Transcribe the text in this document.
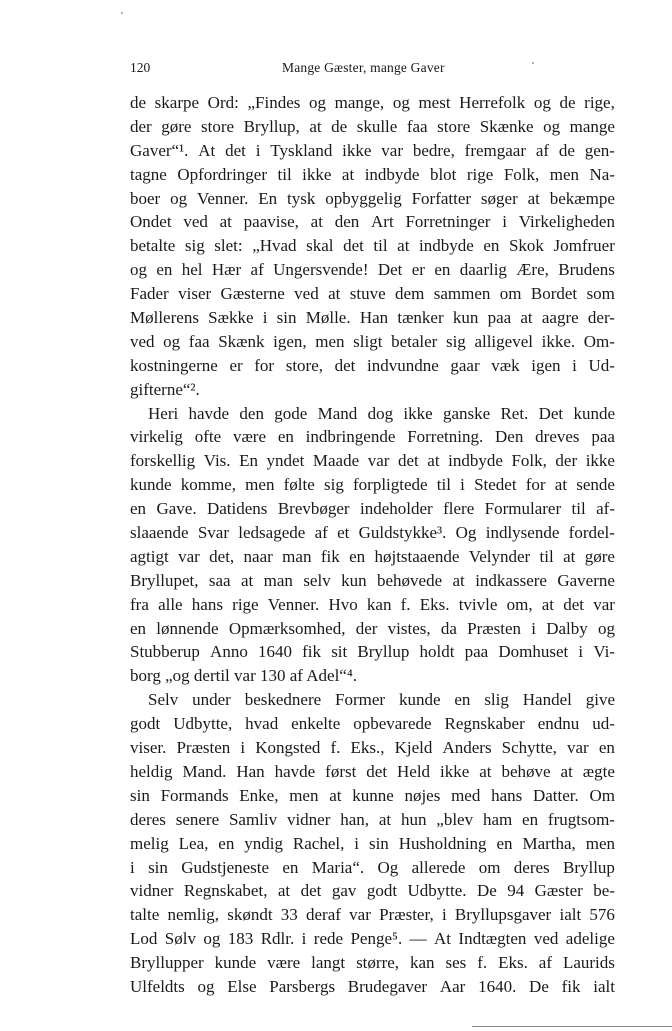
120	Mange Gæster, mange Gaver
de skarpe Ord: „Findes og mange, og mest Herrefolk og de rige,
der gøre store Bryllup, at de skulle faa store Skænke og mange
Gaver“¹. At det i Tyskland ikke var bedre, fremgaar af de gen-
tagne Opfordringer til ikke at indbyde blot rige Folk, men Na-
boer og Venner. En tysk opbyggelig Forfatter søger at bekæmpe
Ondet ved at paavise, at den Art Forretninger i Virkeligheden
betalte sig slet: „Hvad skal det til at indbyde en Skok Jomfruer
og en hel Hær af Ungersvende! Det er en daarlig Ære, Brudens
Fader viser Gæsterne ved at stuve dem sammen om Bordet som
Møllerens Sække i sin Mølle. Han tænker kun paa at aagre der-
ved og faa Skænk igen, men sligt betaler sig alligevel ikke. Om-
kostningerne er for store, det indvundne gaar væk igen i Ud-
gifterne“².
Heri havde den gode Mand dog ikke ganske Ret. Det kunde
virkelig ofte være en indbringende Forretning. Den dreves paa
forskellig Vis. En yndet Maade var det at indbyde Folk, der ikke
kunde komme, men følte sig forpligtede til i Stedet for at sende
en Gave. Datidens Brevbøger indeholder flere Formularer til af-
slaaende Svar ledsagede af et Guldstykke³. Og indlysende fordel-
agtigt var det, naar man fik en højtstaaende Velynder til at gøre
Bryllupet, saa at man selv kun behøvede at indkassere Gaverne
fra alle hans rige Venner. Hvo kan f. Eks. tvivle om, at det var
en lønnende Opmærksomhed, der vistes, da Præsten i Dalby og
Stubberup Anno 1640 fik sit Bryllup holdt paa Domhuset i Vi-
borg „og dertil var 130 af Adel“⁴.
Selv under beskednere Former kunde en slig Handel give
godt Udbytte, hvad enkelte opbevarede Regnskaber endnu ud-
viser. Præsten i Kongsted f. Eks., Kjeld Anders Schytte, var en
heldig Mand. Han havde først det Held ikke at behøve at ægte
sin Formands Enke, men at kunne nøjes med hans Datter. Om
deres senere Samliv vidner han, at hun „blev ham en frugtsom-
melig Lea, en yndig Rachel, i sin Husholdning en Martha, men
i sin Gudstjeneste en Maria“. Og allerede om deres Bryllup
vidner Regnskabet, at det gav godt Udbytte. De 94 Gæster be-
talte nemlig, skøndt 33 deraf var Præster, i Bryllupsgaver ialt 576
Lod Sølv og 183 Rdlr. i rede Penge⁵. — At Indtægten ved adelige
Bryllupper kunde være langt større, kan ses f. Eks. af Laurids
Ulfeldts og Else Parsbergs Brudegaver Aar 1640. De fik ialt
